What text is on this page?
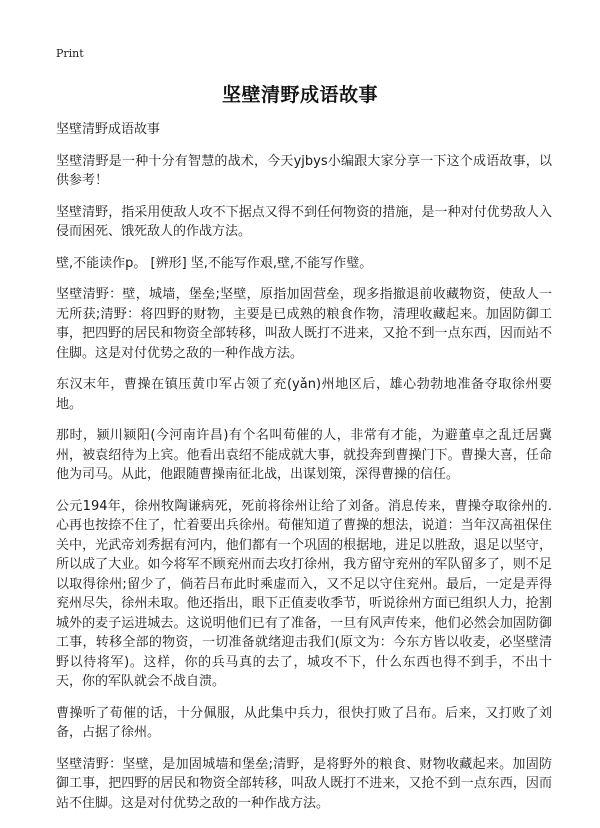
Print
坚壁清野成语故事
坚壁清野成语故事

坚壁清野是一种十分有智慧的战术，今天yjbys小编跟大家分享一下这个成语故事，以供参考！

坚壁清野，指采用使敌人攻不下据点又得不到任何物资的措施，是一种对付优势敌人入侵而困死、饿死敌人的作战方法。

壁,不能读作p。 [辨形] 坚,不能写作艰,壁,不能写作璧。

坚壁清野：壁，城墙，堡垒;坚壁，原指加固营垒，现多指撤退前收藏物资，使敌人一无所获;清野：将四野的财物，主要是已成熟的粮食作物，清理收藏起来。加固防御工事，把四野的居民和物资全部转移，叫敌人既打不进来，又抢不到一点东西，因而站不住脚。这是对付优势之敌的一种作战方法。

东汉末年，曹操在镇压黄巾军占领了充(yǎn)州地区后，雄心勃勃地准备夺取徐州要地。

那时，颍川颍阳(今河南许昌)有个名叫荀催的人，非常有才能，为避董卓之乱迁居冀州，被袁绍待为上宾。他看出袁绍不能成就大事，就投奔到曹操门下。曹操大喜，任命他为司马。从此，他跟随曹操南征北战，出谋划策，深得曹操的信任。

公元194年，徐州牧陶谦病死，死前将徐州让给了刘备。消息传来，曹操夺取徐州的.心再也按捺不住了，忙着要出兵徐州。荀催知道了曹操的想法，说道：当年汉高祖保住关中，光武帝刘秀据有河内，他们都有一个巩固的根据地，进足以胜敌，退足以坚守，所以成了大业。如今将军不顾兖州而去攻打徐州，我方留守兖州的军队留多了，则不足以取得徐州;留少了，倘若吕布此时乘虚而入，又不足以守住兖州。最后，一定是弄得兖州尽失，徐州未取。他还指出，眼下正值麦收季节，听说徐州方面已组织人力，抢割城外的麦子运进城去。这说明他们已有了准备，一旦有风声传来，他们必然会加固防御工事，转移全部的物资，一切准备就绪迎击我们(原文为：今东方皆以收麦，必坚壁清野以待将军)。这样，你的兵马真的去了，城攻不下，什么东西也得不到手，不出十天，你的军队就会不战自溃。

曹操听了荀催的话，十分佩服，从此集中兵力，很快打败了吕布。后来，又打败了刘备，占据了徐州。

坚壁清野：坚壁，是加固城墙和堡垒;清野，是将野外的粮食、财物收藏起来。加固防御工事，把四野的居民和物资全部转移，叫敌人既打不进来，又抢不到一点东西，因而站不住脚。这是对付优势之敌的一种作战方法。
